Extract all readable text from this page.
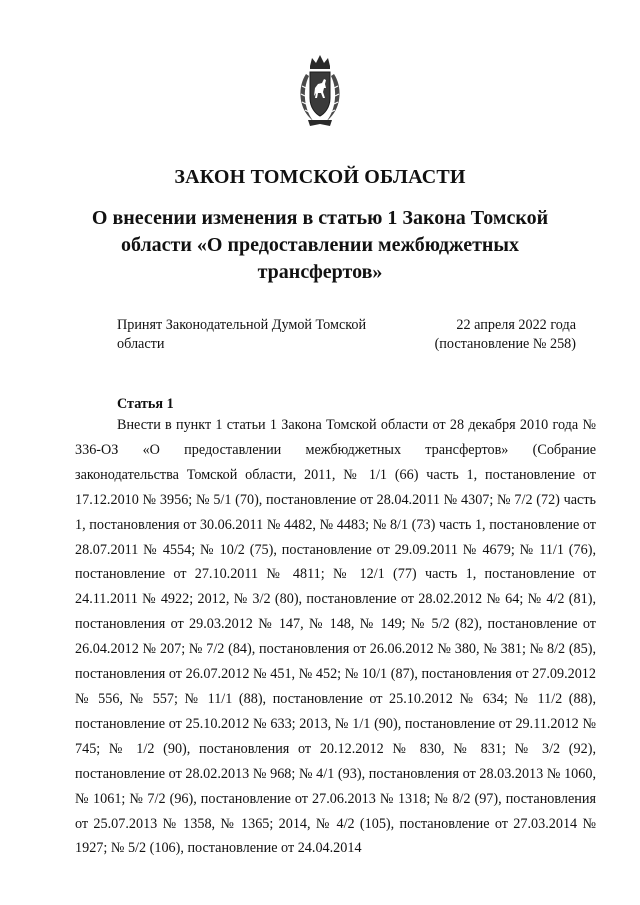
ЗАКОН ТОМСКОЙ ОБЛАСТИ
О внесении изменения в статью 1 Закона Томской области «О предоставлении межбюджетных трансфертов»
Принят Законодательной Думой Томской области
22 апреля 2022 года
(постановление № 258)
Статья 1

Внести в пункт 1 статьи 1 Закона Томской области от 28 декабря 2010 года № 336-ОЗ «О предоставлении межбюджетных трансфертов» (Собрание законодательства Томской области, 2011, № 1/1 (66) часть 1, постановление от 17.12.2010 № 3956; № 5/1 (70), постановление от 28.04.2011 № 4307; № 7/2 (72) часть 1, постановления от 30.06.2011 № 4482, № 4483; № 8/1 (73) часть 1, постановление от 28.07.2011 № 4554; № 10/2 (75), постановление от 29.09.2011 № 4679; № 11/1 (76), постановление от 27.10.2011 № 4811; № 12/1 (77) часть 1, постановление от 24.11.2011 № 4922; 2012, № 3/2 (80), постановление от 28.02.2012 № 64; № 4/2 (81), постановления от 29.03.2012 № 147, № 148, № 149; № 5/2 (82), постановление от 26.04.2012 № 207; № 7/2 (84), постановления от 26.06.2012 № 380, № 381; № 8/2 (85), постановления от 26.07.2012 № 451, № 452; № 10/1 (87), постановления от 27.09.2012 № 556, № 557; № 11/1 (88), постановление от 25.10.2012 № 634; № 11/2 (88), постановление от 25.10.2012 № 633; 2013, № 1/1 (90), постановление от 29.11.2012 № 745; № 1/2 (90), постановления от 20.12.2012 № 830, № 831; № 3/2 (92), постановление от 28.02.2013 № 968; № 4/1 (93), постановления от 28.03.2013 № 1060, № 1061; № 7/2 (96), постановление от 27.06.2013 № 1318; № 8/2 (97), постановления от 25.07.2013 № 1358, № 1365; 2014, № 4/2 (105), постановление от 27.03.2014 № 1927; № 5/2 (106), постановление от 24.04.2014
